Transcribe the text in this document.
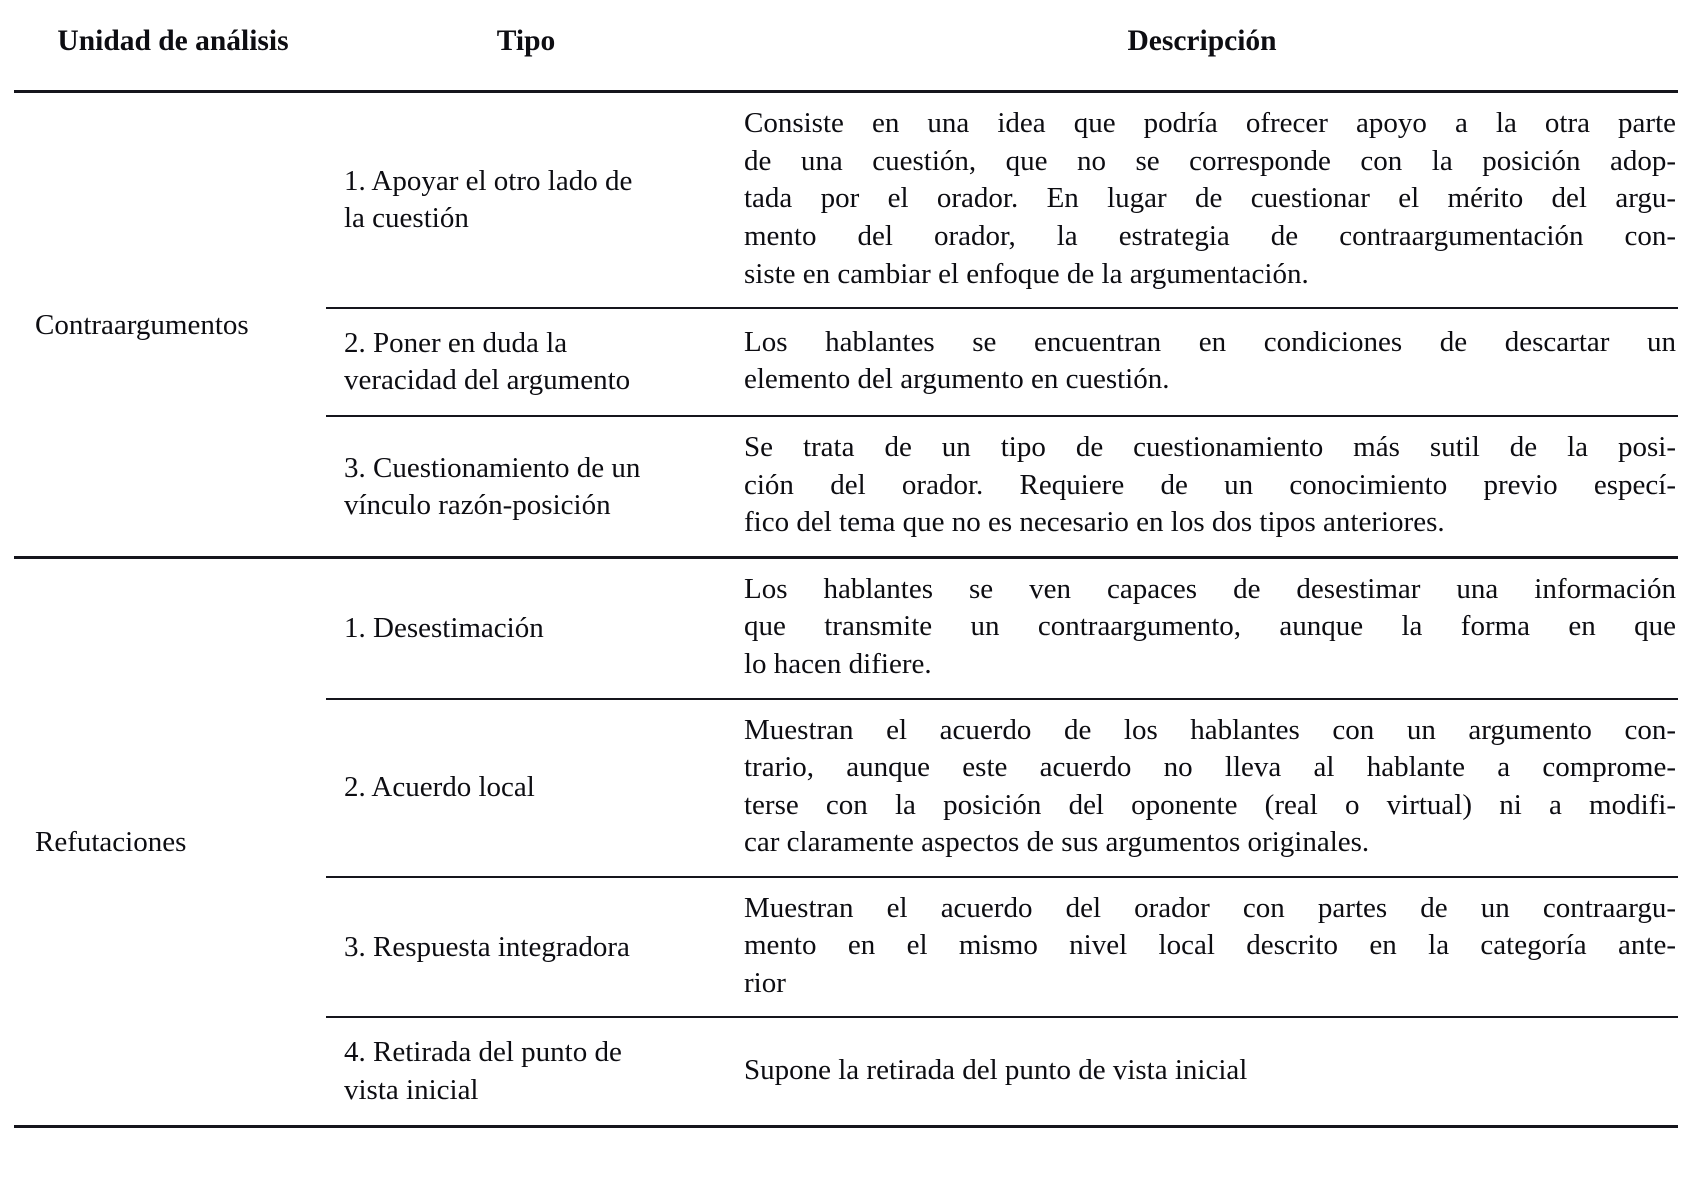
Unidad de análisis	Tipo	Descripción
Contraargumentos	1. Apoyar el otro lado de
la cuestión	Consiste en una idea que podría ofrecer apoyo a la otra parte
de una cuestión, que no se corresponde con la posición adop-
tada por el orador. En lugar de cuestionar el mérito del argu-
mento del orador, la estrategia de contraargumentación con-
siste en cambiar el enfoque de la argumentación.

	2. Poner en duda la
veracidad del argumento	Los hablantes se encuentran en condiciones de descartar un
elemento del argumento en cuestión.

	3. Cuestionamiento de un
vínculo razón-posición	Se trata de un tipo de cuestionamiento más sutil de la posi-
ción del orador. Requiere de un conocimiento previo especí-
fico del tema que no es necesario en los dos tipos anteriores.

Refutaciones	1. Desestimación	Los hablantes se ven capaces de desestimar una información
que transmite un contraargumento, aunque la forma en que
lo hacen difiere.

	2. Acuerdo local	Muestran el acuerdo de los hablantes con un argumento con-
trario, aunque este acuerdo no lleva al hablante a comprome-
terse con la posición del oponente (real o virtual) ni a modifi-
car claramente aspectos de sus argumentos originales.

	3. Respuesta integradora	Muestran el acuerdo del orador con partes de un contraargu-
mento en el mismo nivel local descrito en la categoría ante-
rior

	4. Retirada del punto de
vista inicial	Supone la retirada del punto de vista inicial
